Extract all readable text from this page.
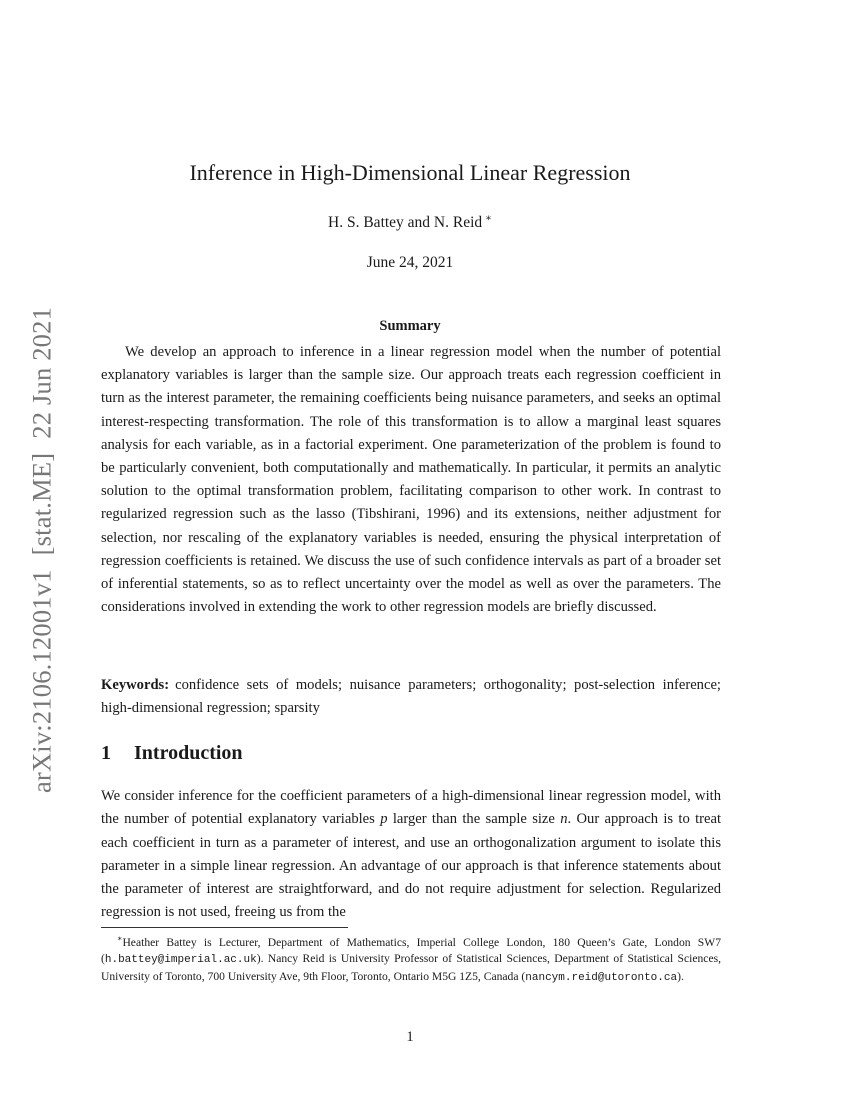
arXiv:2106.12001v1[stat.ME]22 Jun 2021
Inference in High-Dimensional Linear Regression
H. S. Battey and N. Reid ∗
June 24, 2021
Summary
We develop an approach to inference in a linear regression model when the number of potential explanatory variables is larger than the sample size. Our approach treats each regression coefficient in turn as the interest parameter, the remaining coefficients being nuisance parameters, and seeks an optimal interest-respecting transformation. The role of this transformation is to allow a marginal least squares analysis for each variable, as in a factorial experiment. One parameterization of the problem is found to be particularly convenient, both computationally and mathematically. In particular, it permits an analytic solution to the optimal transformation problem, facilitating comparison to other work. In contrast to regularized regression such as the lasso (Tibshirani, 1996) and its extensions, neither adjustment for selection, nor rescaling of the explanatory variables is needed, ensuring the physical interpretation of regression coefficients is retained. We discuss the use of such confidence intervals as part of a broader set of inferential statements, so as to reflect uncertainty over the model as well as over the parameters. The considerations involved in extending the work to other regression models are briefly discussed.
Keywords: confidence sets of models; nuisance parameters; orthogonality; post-selection inference; high-dimensional regression; sparsity
1 Introduction
We consider inference for the coefficient parameters of a high-dimensional linear regression model, with the number of potential explanatory variables p larger than the sample size n. Our approach is to treat each coefficient in turn as a parameter of interest, and use an orthogonalization argument to isolate this parameter in a simple linear regression. An advantage of our approach is that inference statements about the parameter of interest are straightforward, and do not require adjustment for selection. Regularized regression is not used, freeing us from the
∗Heather Battey is Lecturer, Department of Mathematics, Imperial College London, 180 Queen’s Gate, London SW7 (h.battey@imperial.ac.uk). Nancy Reid is University Professor of Statistical Sciences, Department of Statistical Sciences, University of Toronto, 700 University Ave, 9th Floor, Toronto, Ontario M5G 1Z5, Canada (nancym.reid@utoronto.ca).
1
